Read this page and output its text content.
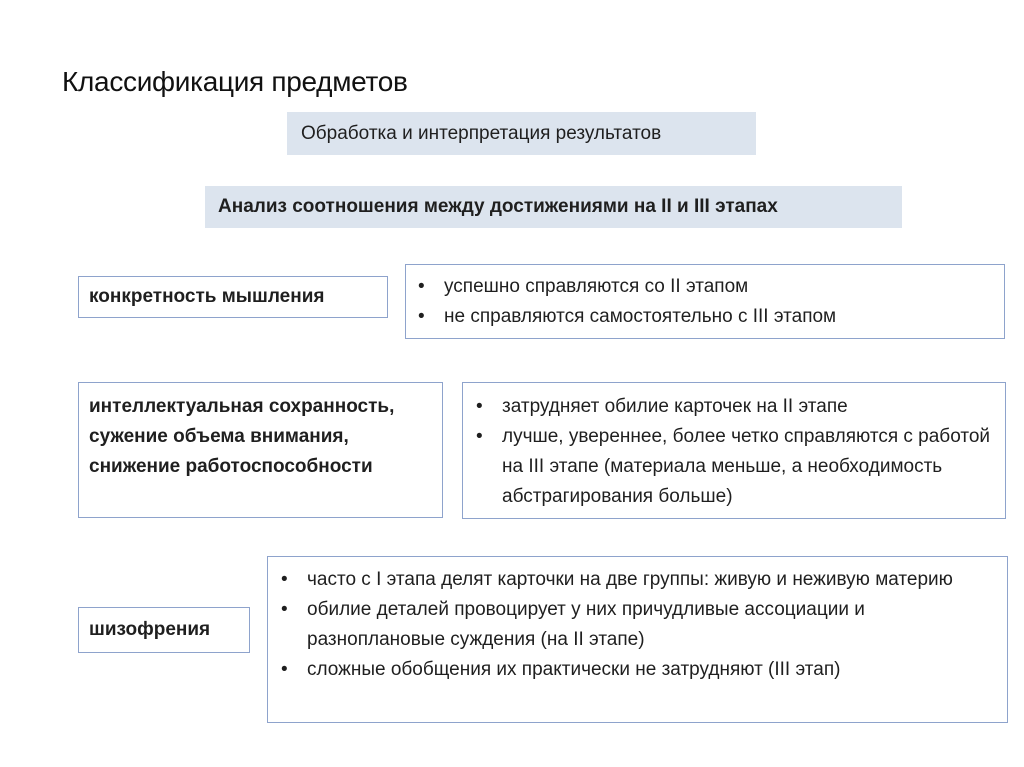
Классификация предметов
Обработка и интерпретация результатов
Анализ соотношения между достижениями на II и III этапах
конкретность мышления	•	успешно справляются со II этапом
•	не справляются самостоятельно с III этапом
интеллектуальная сохранность, сужение объема внимания, снижение работоспособности
•	затрудняет обилие карточек на II этапе
•	лучше, увереннее, более четко справляются с работой на III этапе (материала меньше, а необходимость абстрагирования больше)
•	часто с I этапа делят карточки на две группы: живую и неживую материю
•	обилие деталей провоцирует у них причудливые ассоциации и разноплановые суждения (на II этапе)
•	сложные обобщения их практически не затрудняют (III этап)
шизофрения
